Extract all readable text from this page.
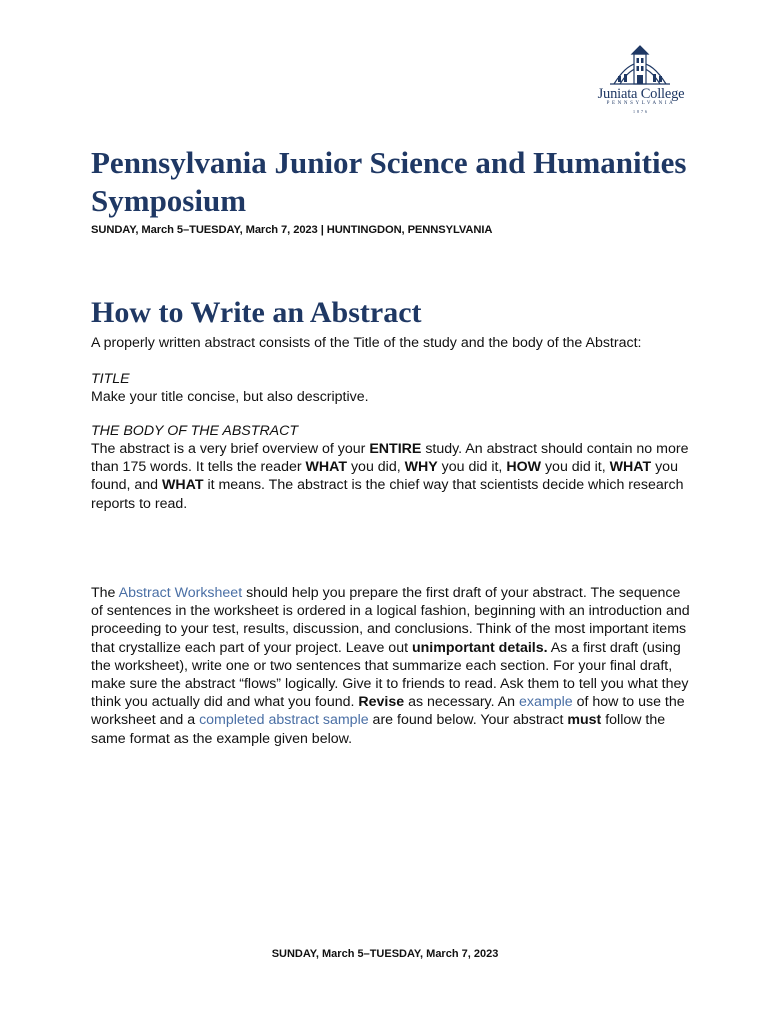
Juniata College
PENNSYLVANIA
1876
Pennsylvania Junior Science and Humanities Symposium
SUNDAY, March 5–TUESDAY, March 7, 2023 | HUNTINGDON, PENNSYLVANIA
How to Write an Abstract

A properly written abstract consists of the Title of the study and the body of the Abstract:

TITLE

Make your title concise, but also descriptive.

THE BODY OF THE ABSTRACT

The abstract is a very brief overview of your ENTIRE study. An abstract should contain no more than 175 words. It tells the reader WHAT you did, WHY you did it, HOW you did it, WHAT you found, and WHAT it means. The abstract is the chief way that scientists decide which research reports to read.

The Abstract Worksheet should help you prepare the first draft of your abstract. The sequence of sentences in the worksheet is ordered in a logical fashion, beginning with an introduction and proceeding to your test, results, discussion, and conclusions. Think of the most important items that crystallize each part of your project. Leave out unimportant details. As a first draft (using the worksheet), write one or two sentences that summarize each section. For your final draft, make sure the abstract “flows” logically. Give it to friends to read. Ask them to tell you what they think you actually did and what you found. Revise as necessary. An example of how to use the worksheet and a completed abstract sample are found below. Your abstract must follow the same format as the example given below.

SUNDAY, March 5–TUESDAY, March 7, 2023
